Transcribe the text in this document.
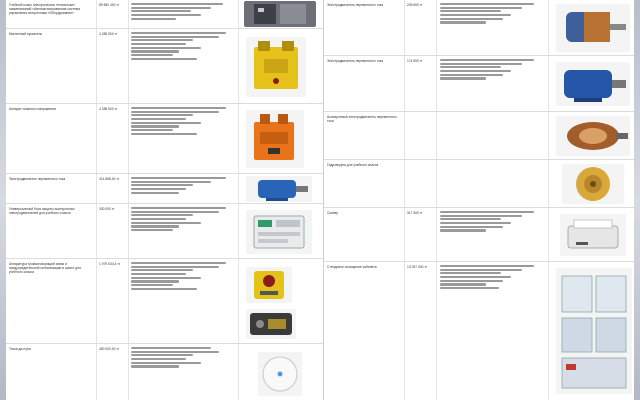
Учебный класс электрических технических наименований «Автоматизированная система управления спецтехники «Оборудование»
89 650 400 тг
Магнитный пускатель	4 285 500 тг
Аппарат плавного напряжения	4 285 500 тг
Электродвигатель переменного тока	414 868,00 тг
Универсальный блок защиты асинхронных электродвигателей для учебного класса
330 000 тг
Аппаратура громкоговорящей связи и предупредительной сигнализации в шахте для учебного класса
1 979 634,4 тг
Точка доступа	450 000,00 тг
Электродвигатель переменного тока	209 600 тг
Электродвигатель переменного тока	174 500 тг
Асинхронный электродвигатель переменного тока
Гидромуфта для учебного класса
Сканер	317 500 тг
Стендовое оснащение кабинета	13 037 000 тг
